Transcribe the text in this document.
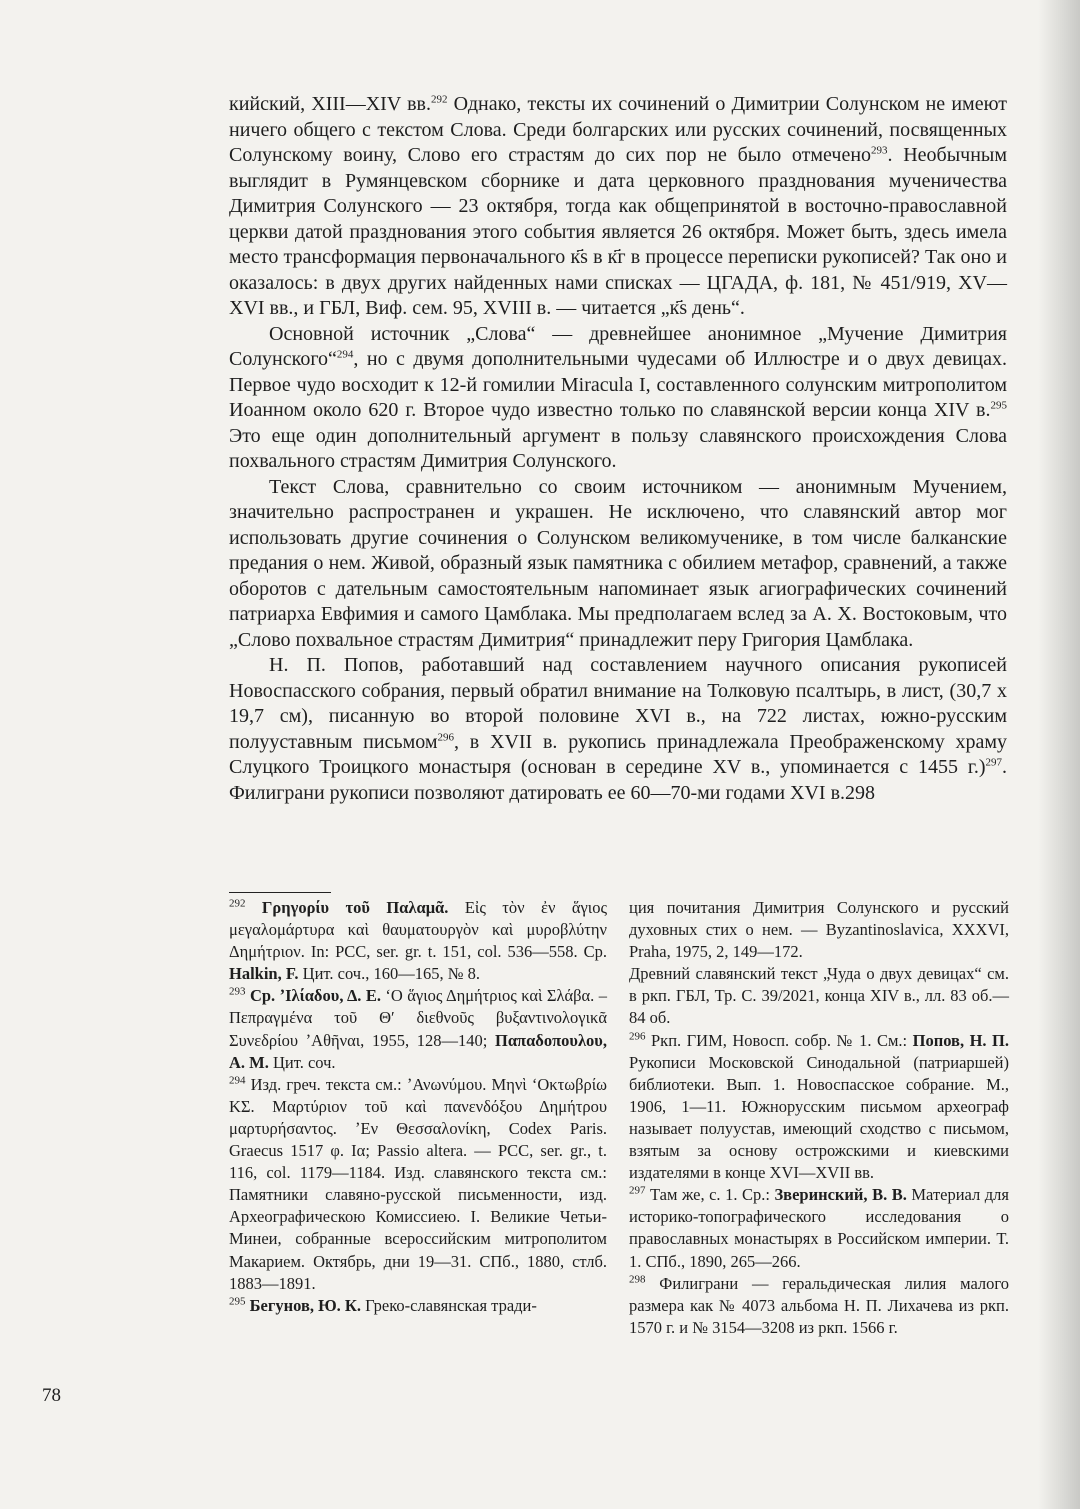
кийский, XIII—XIV вв.$^{292}$ Однако, тексты их сочинений о Димитрии Солунском не имеют ничего общего с текстом Слова. Среди болгарских или русских сочинений, посвященных Солунскому воину, Слово его страстям до сих пор не было отмечено$^{293}$. Необычным выглядит в Румянцевском сборнике и дата церковного празднования мученичества Димитрия Солунского — 23 октября, тогда как общепринятой в восточно-православной церкви датой празднования этого события является 26 октября. Может быть, здесь имела место трансформация первоначального к҃ѕ в к҃г в процессе переписки рукописей? Так оно и оказалось: в двух других найденных нами списках — ЦГАДА, ф. 181, № 451/919, XV—XVI вв., и ГБЛ, Виф. сем. 95, XVIII в. — читается „к҃ѕ день“.

Основной источник „Слова“ — древнейшее анонимное „Мучение Димитрия Солунского“$^{294}$, но с двумя дополнительными чудесами об Иллюстре и о двух девицах. Первое чудо восходит к 12-й гомилии Miracula I, составленного солунским митрополитом Иоанном около 620 г. Второе чудо известно только по славянской версии конца XIV в.$^{295}$ Это еще один дополнительный аргумент в пользу славянского происхождения Слова похвального страстям Димитрия Солунского.

Текст Слова, сравнительно со своим источником — анонимным Мучением, значительно распространен и украшен. Не исключено, что славянский автор мог использовать другие сочинения о Солунском великомученике, в том числе балканские предания о нем. Живой, образный язык памятника с обилием метафор, сравнений, а также оборотов с дательным самостоятельным напоминает язык агиографических сочинений патриарха Евфимия и самого Цамблака. Мы предполагаем вслед за А. Х. Востоковым, что „Слово похвальное страстям Димитрия“ принадлежит перу Григория Цамблака.

Н. П. Попов, работавший над составлением научного описания рукописей Новоспасского собрания, первый обратил внимание на Толковую псалтырь, в лист, (30,7 х 19,7 см), писанную во второй половине XVI в., на 722 листах, южно-русским полууставным письмом$^{296}$, в XVII в. рукопись принадлежала Преображенскому храму Слуцкого Троицкого монастыря (основан в середине XV в., упоминается с 1455 г.)$^{297}$. Филиграни рукописи позволяют датировать ее 60—70-ми годами XVI в.298

$^{292}$ Γρηγορίυ τοῦ Παλαμᾶ. Εἰς τὸν ἐν ἅγιος μεγαλομάρτυρα καὶ θαυματουργὸν καὶ μυροβλύτην Δημήτριον. In: PCC, ser. gr. t. 151, col. 536—558. Ср. Halkin, F. Цит. соч., 160—165, № 8.

$^{293}$ Ср. ʼΙλίαδου, Δ. Ε. ʻΟ ἅγιος Δημήτριος καὶ Σλάβα. – Πεπραγμένα τοῦ Θʹ διεθνοῦς βυξαντινολογικᾶ Συνεδρίου ʼΑθῆναι, 1955, 128—140; Παπαδοπουλου, Α. Μ. Цит. соч.

$^{294}$ Изд. греч. текста см.: ʼΑνωνύμου. Μηνὶ ʻΟκτωβρίω ΚΣ. Μαρτύριον τοῦ καὶ πανενδόξου Δημήτρου μαρτυρήσαντος. ʼΕν Θεσσαλονίκη, Codex Paris. Graecus 1517 φ. Ια; Passio altera. — PCC, ser. gr., t. 116, col. 1179—1184. Изд. славянского текста см.: Памятники славяно-русской письменности, изд. Археографическою Комиссиею. I. Великие Четьи-Минеи, собранные всероссийским митрополитом Макарием. Октябрь, дни 19—31. СПб., 1880, стлб. 1883—1891.

$^{295}$ Бегунов, Ю. К. Греко-славянская тради-

ция почитания Димитрия Солунского и русский духовных стих о нем. — Byzantinoslavica, XXXVI, Praha, 1975, 2, 149—172.

Древний славянский текст „Чуда о двух девицах“ см. в ркп. ГБЛ, Тр. С. 39/2021, конца XIV в., лл. 83 об.—84 об.

$^{296}$ Ркп. ГИМ, Новосп. собр. № 1. См.: Попов, Н. П. Рукописи Московской Синодальной (патриаршей) библиотеки. Вып. 1. Новоспасское собрание. М., 1906, 1—11. Южнорусским письмом археограф называет полуустав, имеющий сходство с письмом, взятым за основу острожскими и киевскими издателями в конце XVI—XVII вв.

$^{297}$ Там же, с. 1. Ср.: Зверинский, В. В. Материал для историко-топографического исследования о православных монастырях в Российском империи. Т. 1. СПб., 1890, 265—266.

$^{298}$ Филиграни — геральдическая лилия малого размера как № 4073 альбома Н. П. Лихачева из ркп. 1570 г. и № 3154—3208 из ркп. 1566 г.

78
